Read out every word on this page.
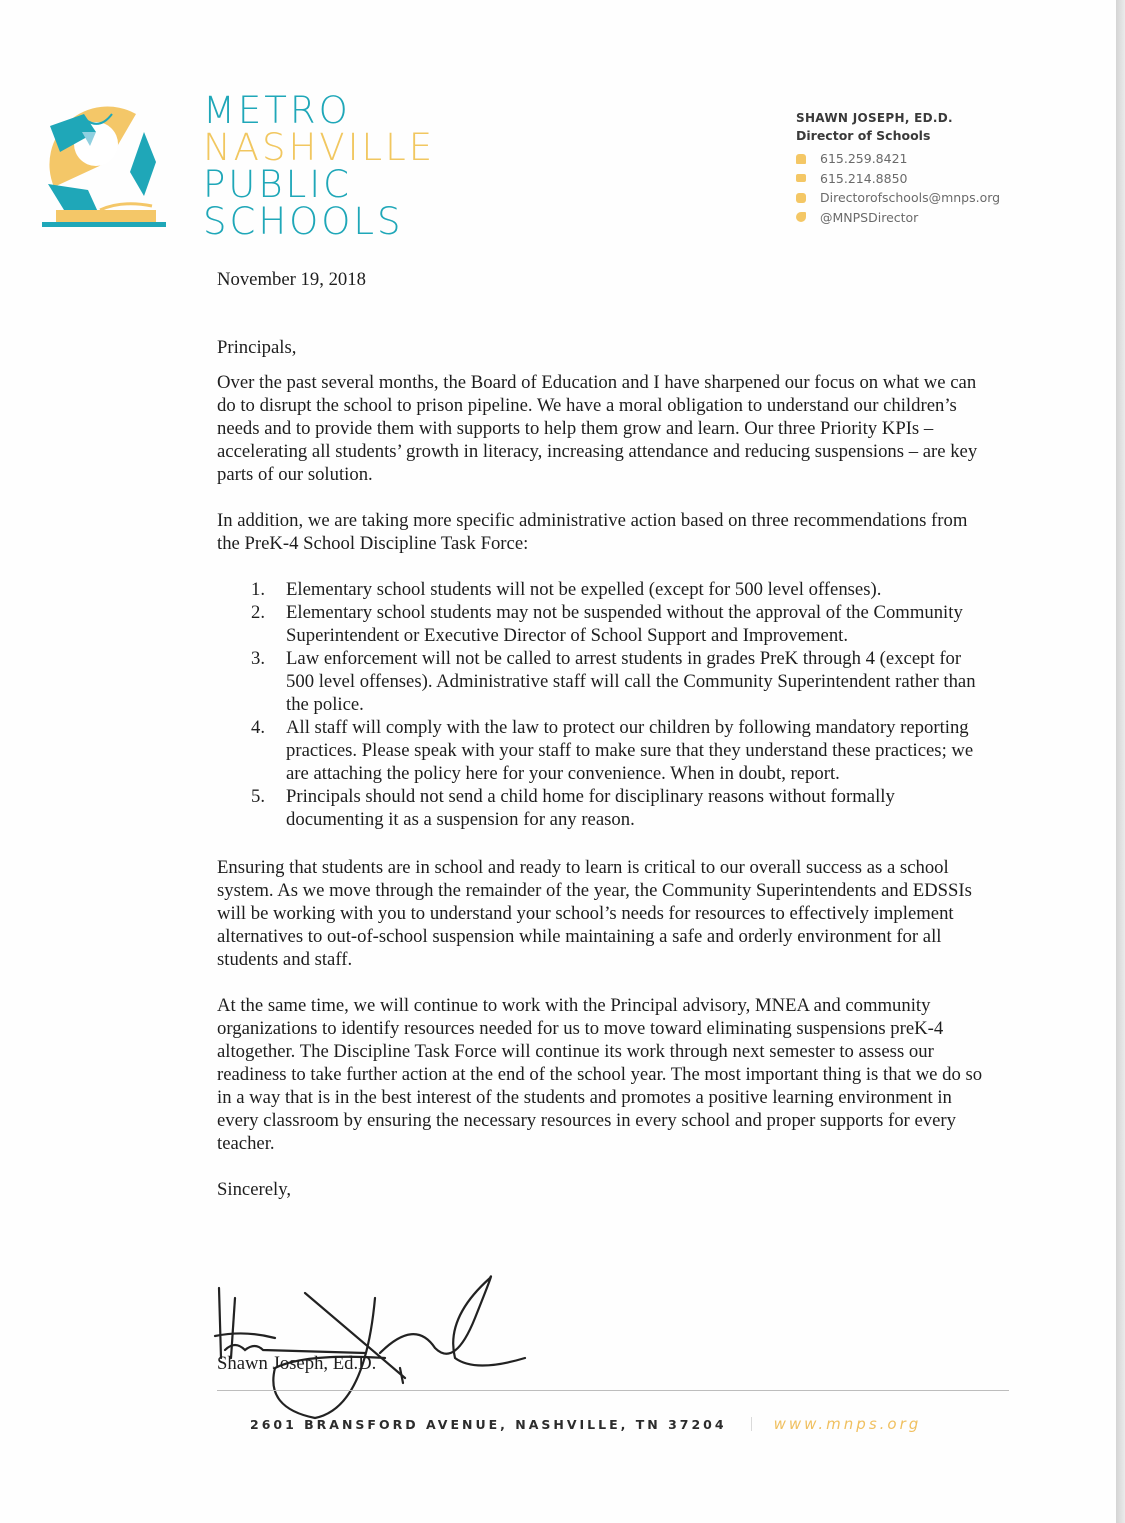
METRO
NASHVILLE
PUBLIC
SCHOOLS
SHAWN JOSEPH, ED.D.
Director of Schools
615.259.8421
615.214.8850
Directorofschools@mnps.org
@MNPSDirector

November 19, 2018

Principals,

Over the past several months, the Board of Education and I have sharpened our focus on what we can do to disrupt the school to prison pipeline. We have a moral obligation to understand our children’s needs and to provide them with supports to help them grow and learn. Our three Priority KPIs – accelerating all students’ growth in literacy, increasing attendance and reducing suspensions – are key parts of our solution.

In addition, we are taking more specific administrative action based on three recommendations from the PreK-4 School Discipline Task Force:

1. Elementary school students will not be expelled (except for 500 level offenses).
2. Elementary school students may not be suspended without the approval of the Community Superintendent or Executive Director of School Support and Improvement.
3. Law enforcement will not be called to arrest students in grades PreK through 4 (except for 500 level offenses). Administrative staff will call the Community Superintendent rather than the police.
4. All staff will comply with the law to protect our children by following mandatory reporting practices. Please speak with your staff to make sure that they understand these practices; we are attaching the policy here for your convenience. When in doubt, report.
5. Principals should not send a child home for disciplinary reasons without formally documenting it as a suspension for any reason.

Ensuring that students are in school and ready to learn is critical to our overall success as a school system. As we move through the remainder of the year, the Community Superintendents and EDSSIs will be working with you to understand your school’s needs for resources to effectively implement alternatives to out-of-school suspension while maintaining a safe and orderly environment for all students and staff.

At the same time, we will continue to work with the Principal advisory, MNEA and community organizations to identify resources needed for us to move toward eliminating suspensions preK-4 altogether. The Discipline Task Force will continue its work through next semester to assess our readiness to take further action at the end of the school year. The most important thing is that we do so in a way that is in the best interest of the students and promotes a positive learning environment in every classroom by ensuring the necessary resources in every school and proper supports for every teacher.

Sincerely,

Shawn Joseph, Ed.D.
2601 BRANSFORD AVENUE, NASHVILLE, TN 37204	www.mnps.org
